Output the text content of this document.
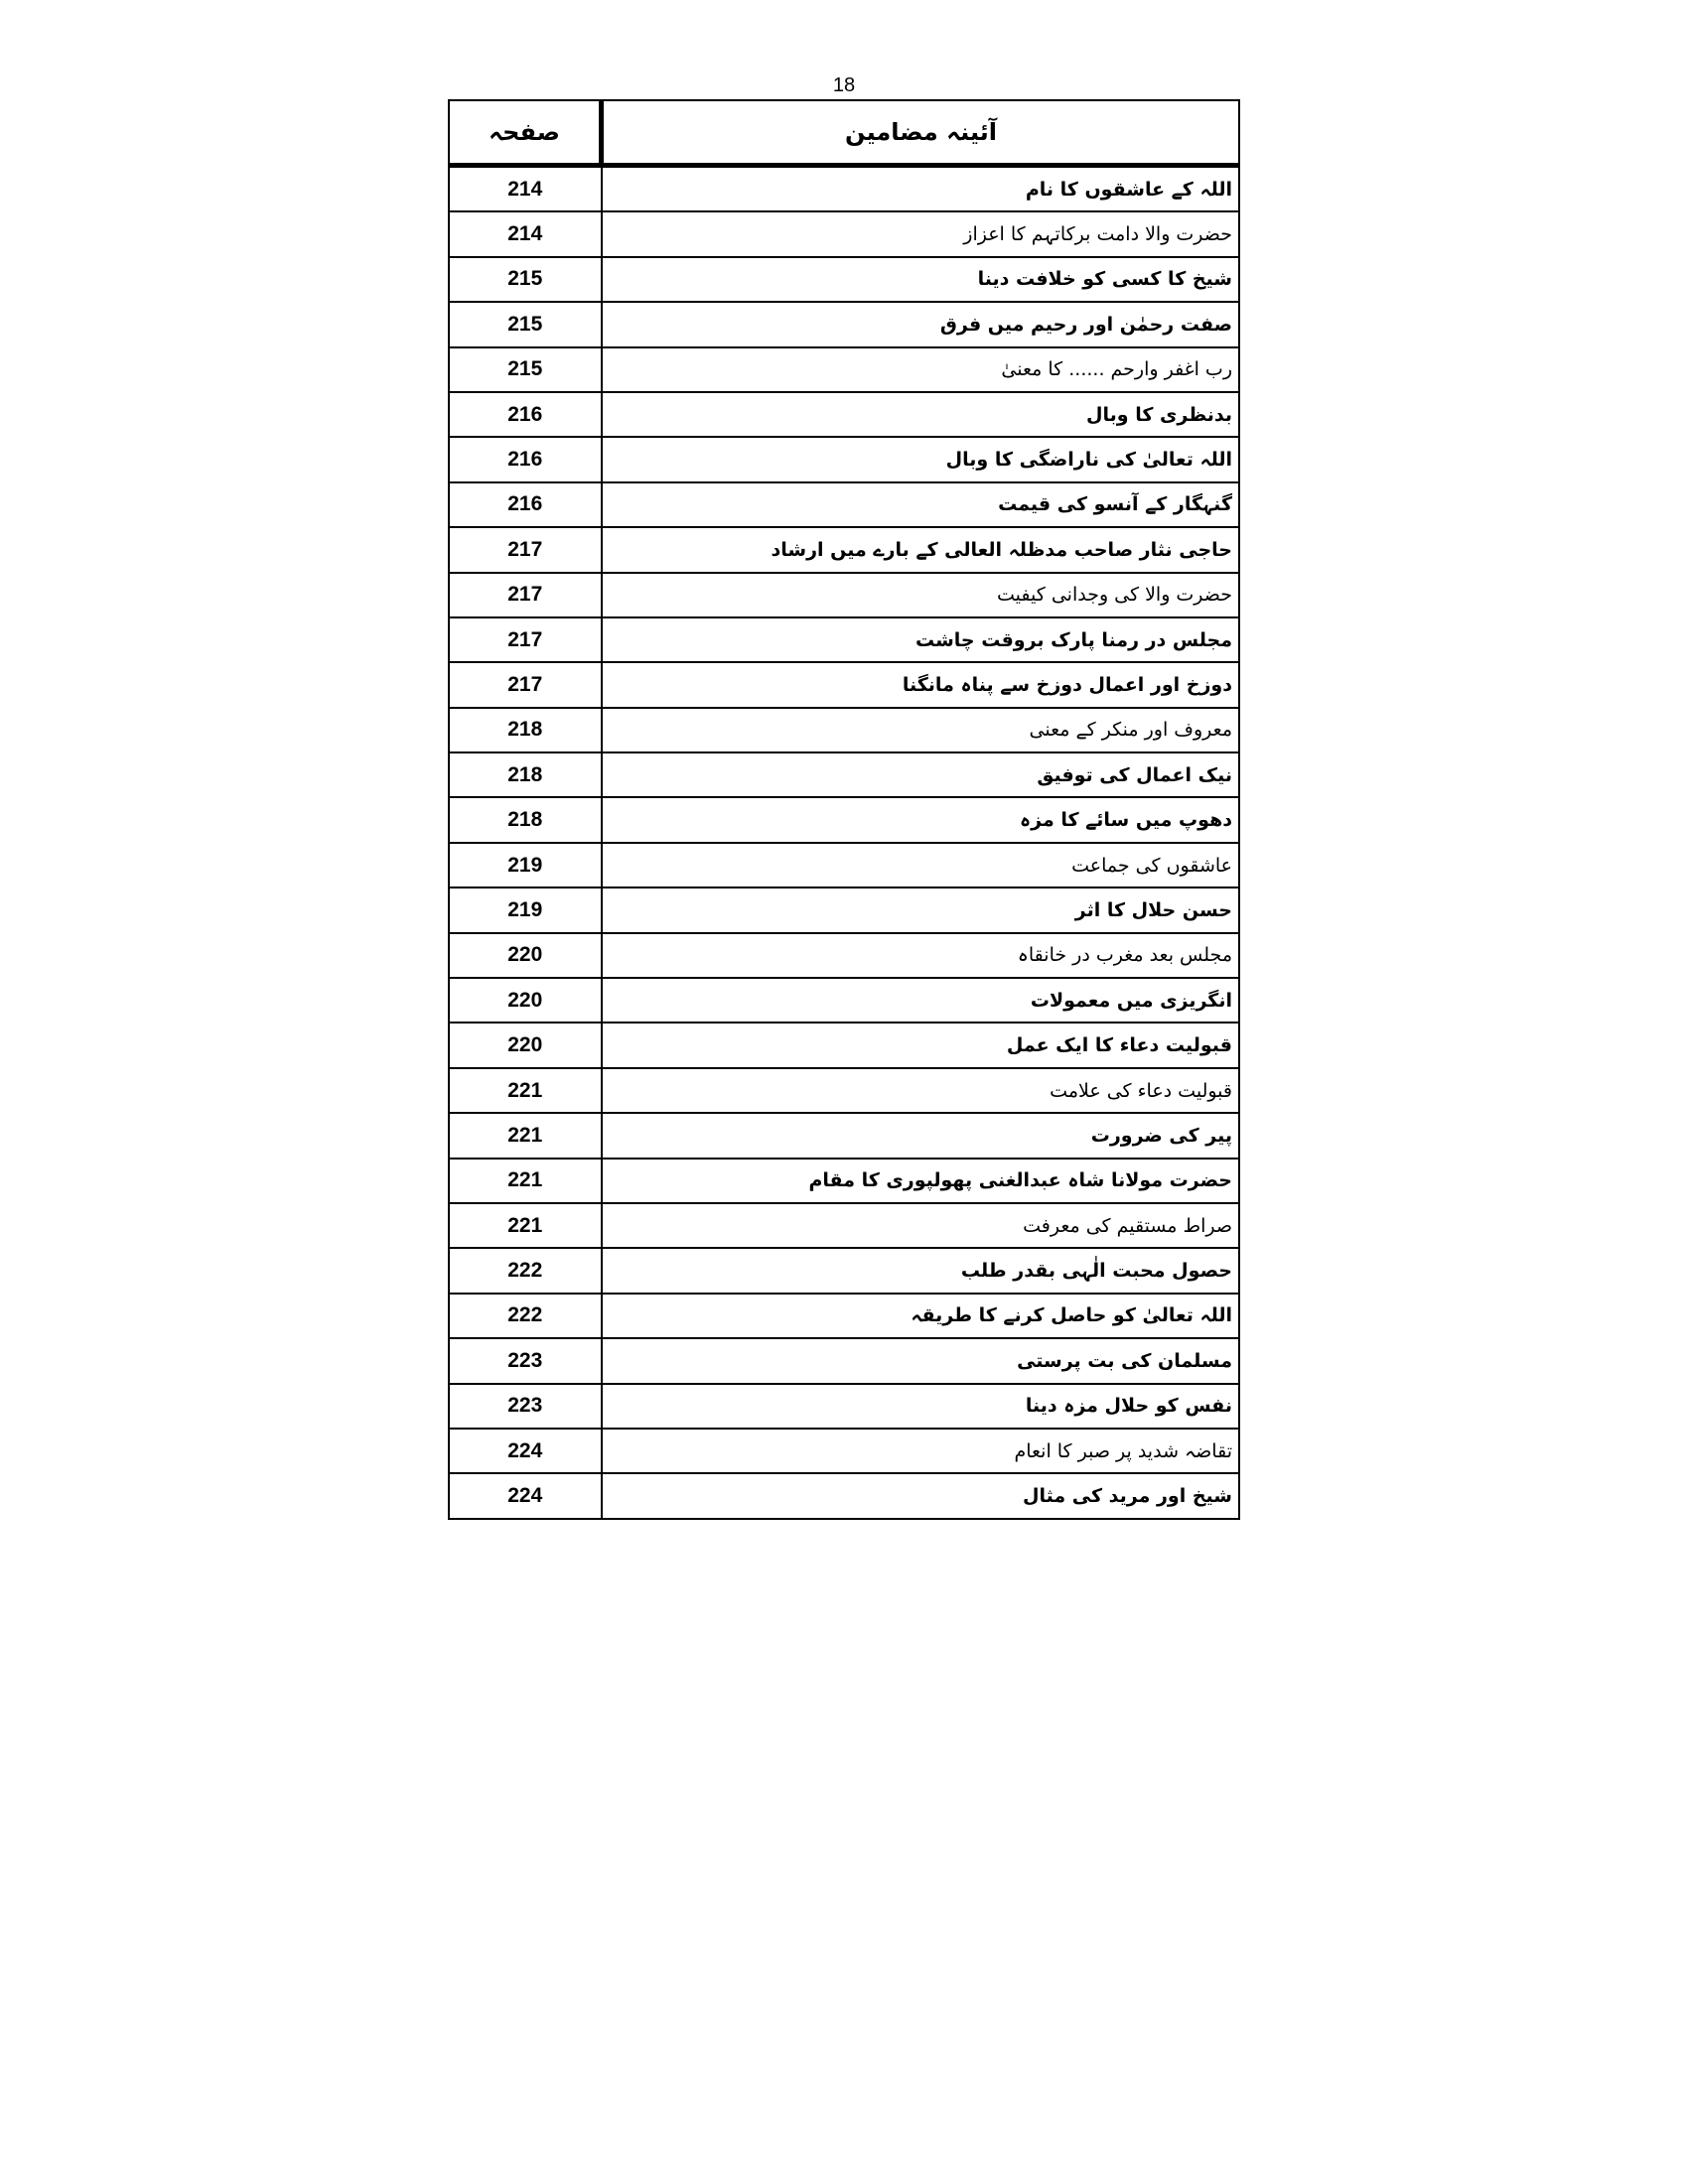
18
صفحہ	آئینہ مضامین
214	اللہ کے عاشقوں کا نام
214	حضرت والا دامت برکاتہم کا اعزاز
215	شیخ کا کسی کو خلافت دینا
215	صفت رحمٰن اور رحیم میں فرق
215	رب اغفر وارحم ...... کا معنیٰ
216	بدنظری کا وبال
216	اللہ تعالیٰ کی ناراضگی کا وبال
216	گنہگار کے آنسو کی قیمت
217	حاجی نثار صاحب مدظلہ العالی کے بارے میں ارشاد
217	حضرت والا کی وجدانی کیفیت
217	مجلس در رمنا پارک بروقت چاشت
217	دوزخ اور اعمال دوزخ سے پناہ مانگنا
218	معروف اور منکر کے معنی
218	نیک اعمال کی توفیق
218	دھوپ میں سائے کا مزہ
219	عاشقوں کی جماعت
219	حسن حلال کا اثر
220	مجلس بعد مغرب در خانقاہ
220	انگریزی میں معمولات
220	قبولیت دعاء کا ایک عمل
221	قبولیت دعاء کی علامت
221	پیر کی ضرورت
221	حضرت مولانا شاہ عبدالغنی پھولپوری کا مقام
221	صراط مستقیم کی معرفت
222	حصول محبت الٰہی بقدر طلب
222	اللہ تعالیٰ کو حاصل کرنے کا طریقہ
223	مسلمان کی بت پرستی
223	نفس کو حلال مزہ دینا
224	تقاضہ شدید پر صبر کا انعام
224	شیخ اور مرید کی مثال
